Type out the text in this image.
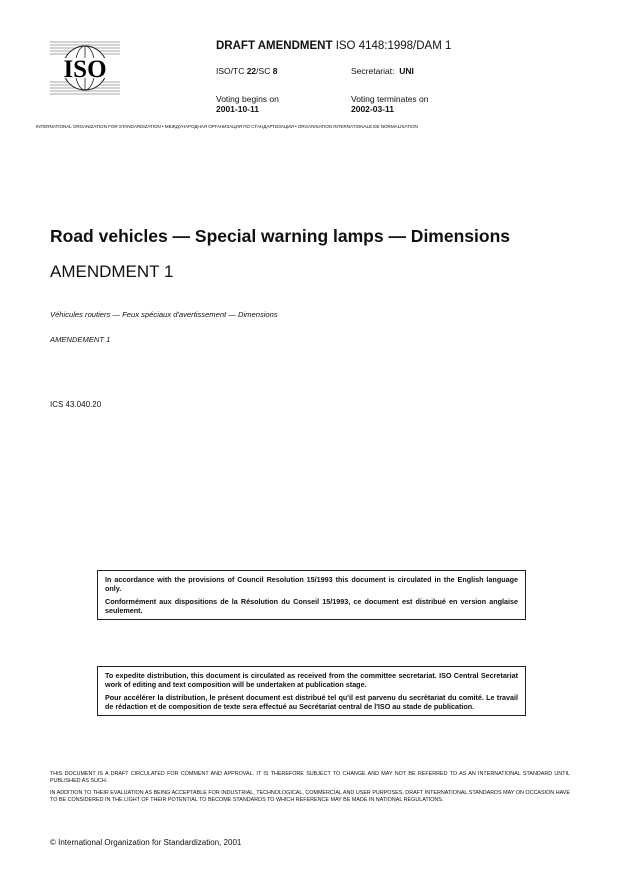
ISO
DRAFT AMENDMENT ISO 4148:1998/DAM 1
ISO/TC 22/SC 8	Secretariat: UNI
Voting begins on
2001-10-11
Voting terminates on
2002-03-11
INTERNATIONAL ORGANIZATION FOR STANDARDIZATION • МЕЖДУНАРОДНАЯ ОРГАНИЗАЦИЯ ПО СТАНДАРТИЗАЦИИ • ORGANISATION INTERNATIONALE DE NORMALISATION
Road vehicles — Special warning lamps — Dimensions
AMENDMENT 1
Véhicules routiers — Feux spéciaux d'avertissement — Dimensions
AMENDEMENT 1
ICS 43.040.20

In accordance with the provisions of Council Resolution 15/1993 this document is circulated in the English language only.

Conformément aux dispositions de la Résolution du Conseil 15/1993, ce document est distribué en version anglaise seulement.

To expedite distribution, this document is circulated as received from the committee secretariat. ISO Central Secretariat work of editing and text composition will be undertaken at publication stage.

Pour accélérer la distribution, le présent document est distribué tel qu'il est parvenu du secrétariat du comité. Le travail de rédaction et de composition de texte sera effectué au Secrétariat central de l'ISO au stade de publication.

THIS DOCUMENT IS A DRAFT CIRCULATED FOR COMMENT AND APPROVAL. IT IS THEREFORE SUBJECT TO CHANGE AND MAY NOT BE REFERRED TO AS AN INTERNATIONAL STANDARD UNTIL PUBLISHED AS SUCH.
IN ADDITION TO THEIR EVALUATION AS BEING ACCEPTABLE FOR INDUSTRIAL, TECHNOLOGICAL, COMMERCIAL AND USER PURPOSES, DRAFT INTERNATIONAL STANDARDS MAY ON OCCASION HAVE TO BE CONSIDERED IN THE LIGHT OF THEIR POTENTIAL TO BECOME STANDARDS TO WHICH REFERENCE MAY BE MADE IN NATIONAL REGULATIONS.
© International Organization for Standardization, 2001
